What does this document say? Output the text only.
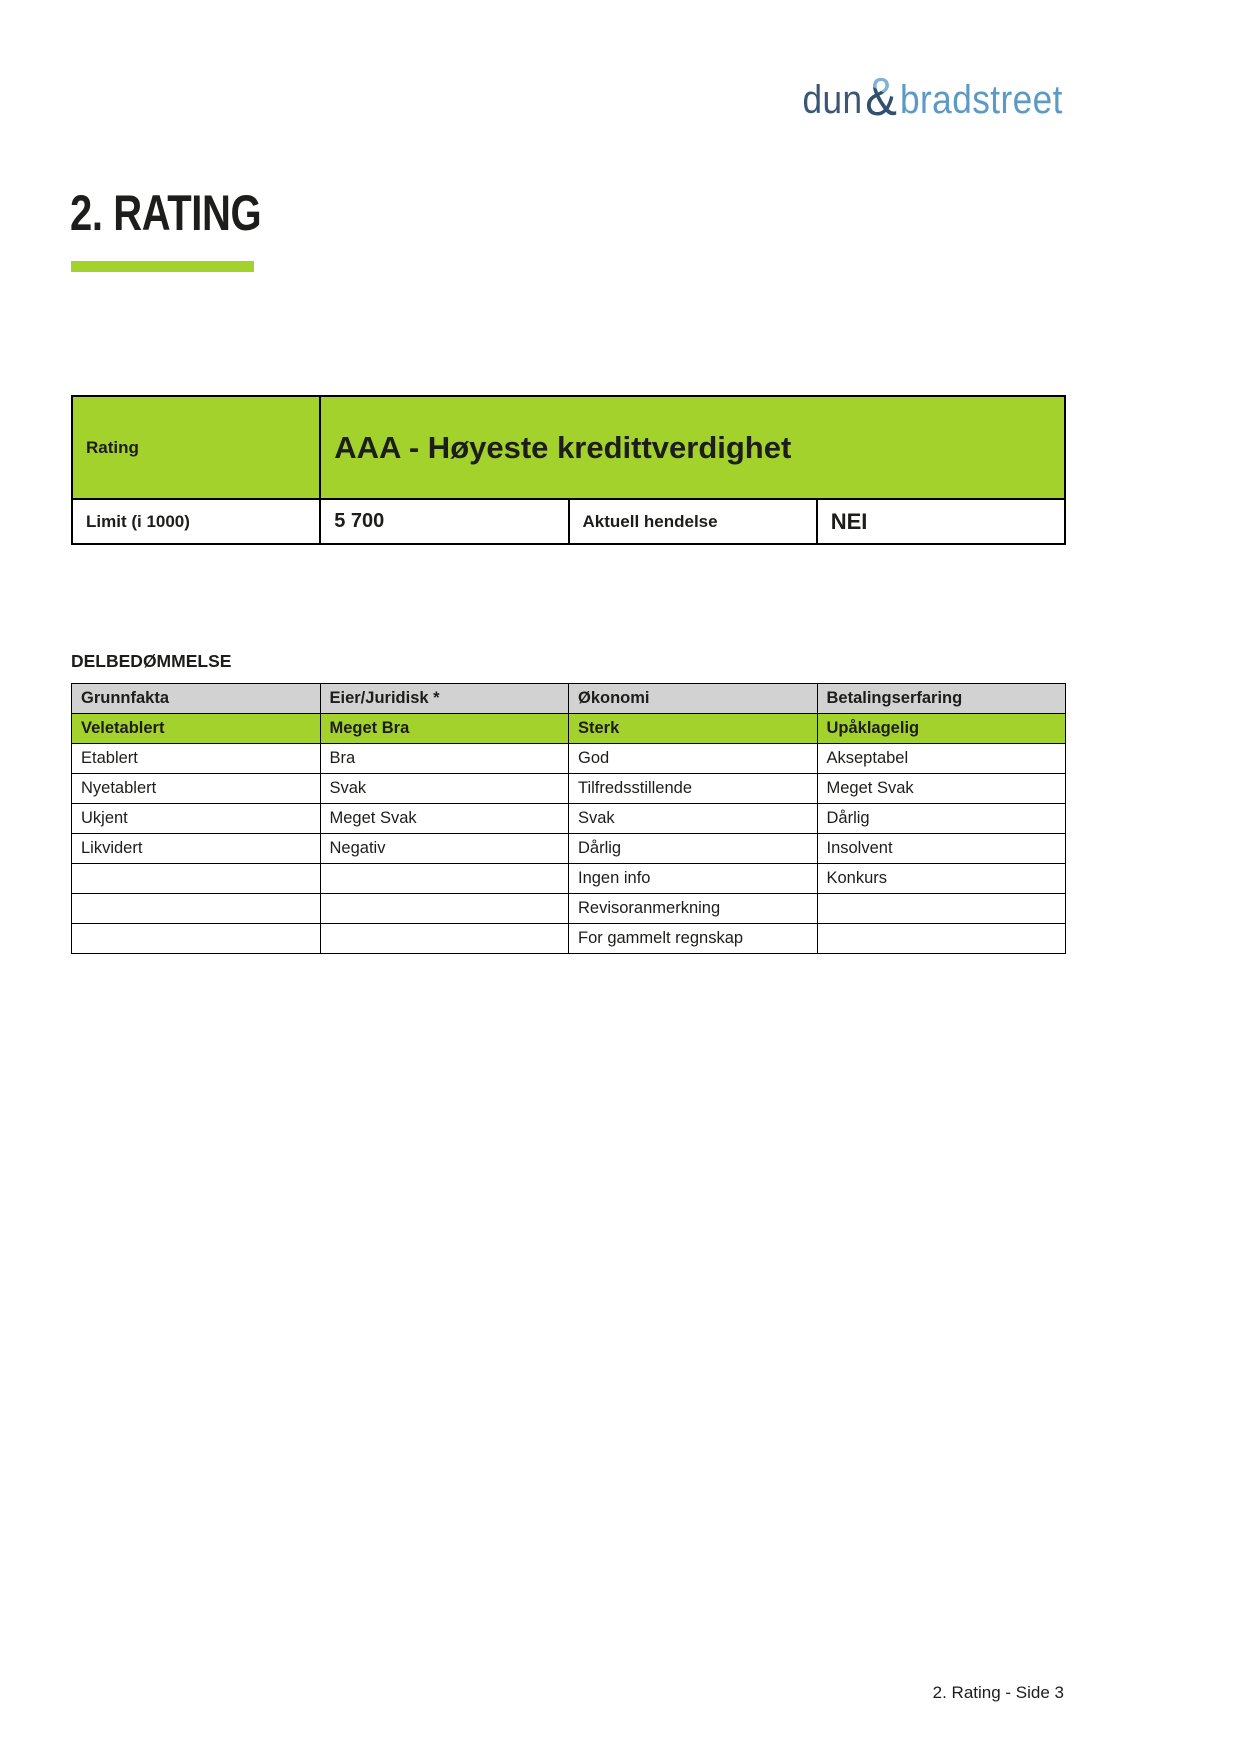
dun & bradstreet
2. RATING
Rating	AAA - Høyeste kredittverdighet		
Limit (i 1000)	5 700	Aktuell hendelse	NEI
DELBEDØMMELSE
Grunnfakta	Eier/Juridisk *	Økonomi	Betalingserfaring
Veletablert	Meget Bra	Sterk	Upåklagelig
Etablert	Bra	God	Akseptabel
Nyetablert	Svak	Tilfredsstillende	Meget Svak
Ukjent	Meget Svak	Svak	Dårlig
Likvidert	Negativ	Dårlig	Insolvent
		Ingen info	Konkurs
		Revisoranmerkning	
		For gammelt regnskap	
2. Rating - Side 3
